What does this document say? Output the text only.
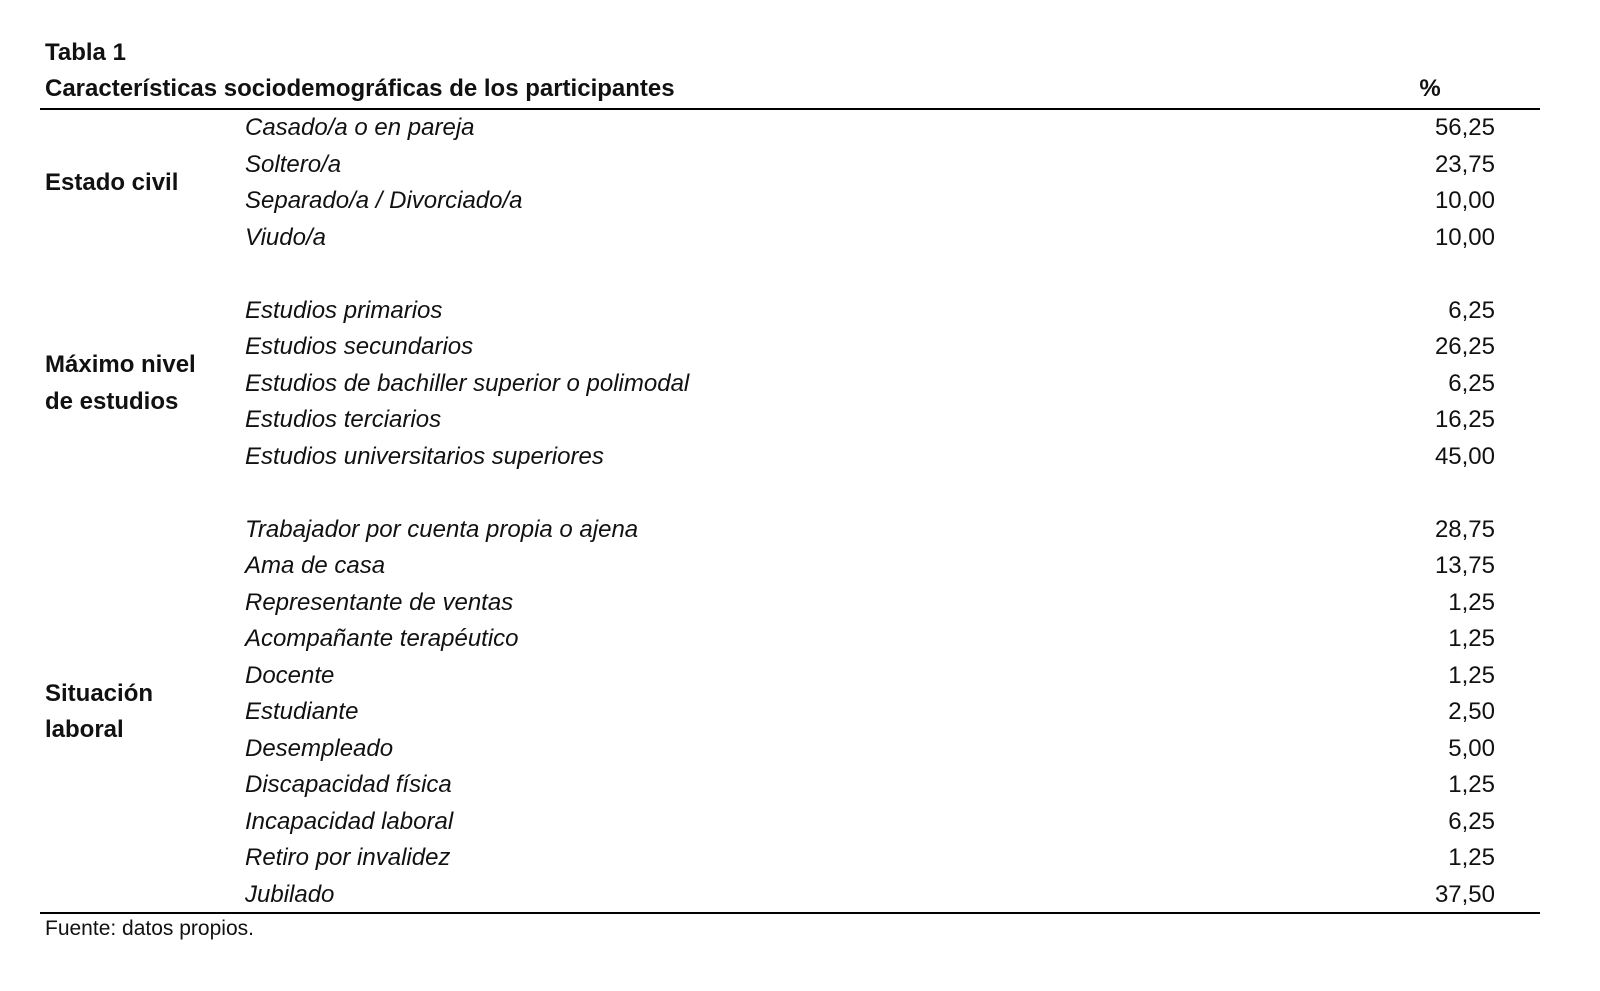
Tabla 1
Características sociodemográficas de los participantes	%
Estado civil
Casado/a o en pareja	56,25
Soltero/a	23,75
Separado/a / Divorciado/a	10,00
Viudo/a	10,00
Máximo nivel
de estudios
Estudios primarios	6,25
Estudios secundarios	26,25
Estudios de bachiller superior o polimodal	6,25
Estudios terciarios	16,25
Estudios universitarios superiores	45,00
Situación
laboral
Trabajador por cuenta propia o ajena	28,75
Ama de casa	13,75
Representante de ventas	1,25
Acompañante terapéutico	1,25
Docente	1,25
Estudiante	2,50
Desempleado	5,00
Discapacidad física	1,25
Incapacidad laboral	6,25
Retiro por invalidez	1,25
Jubilado	37,50
Fuente: datos propios.
